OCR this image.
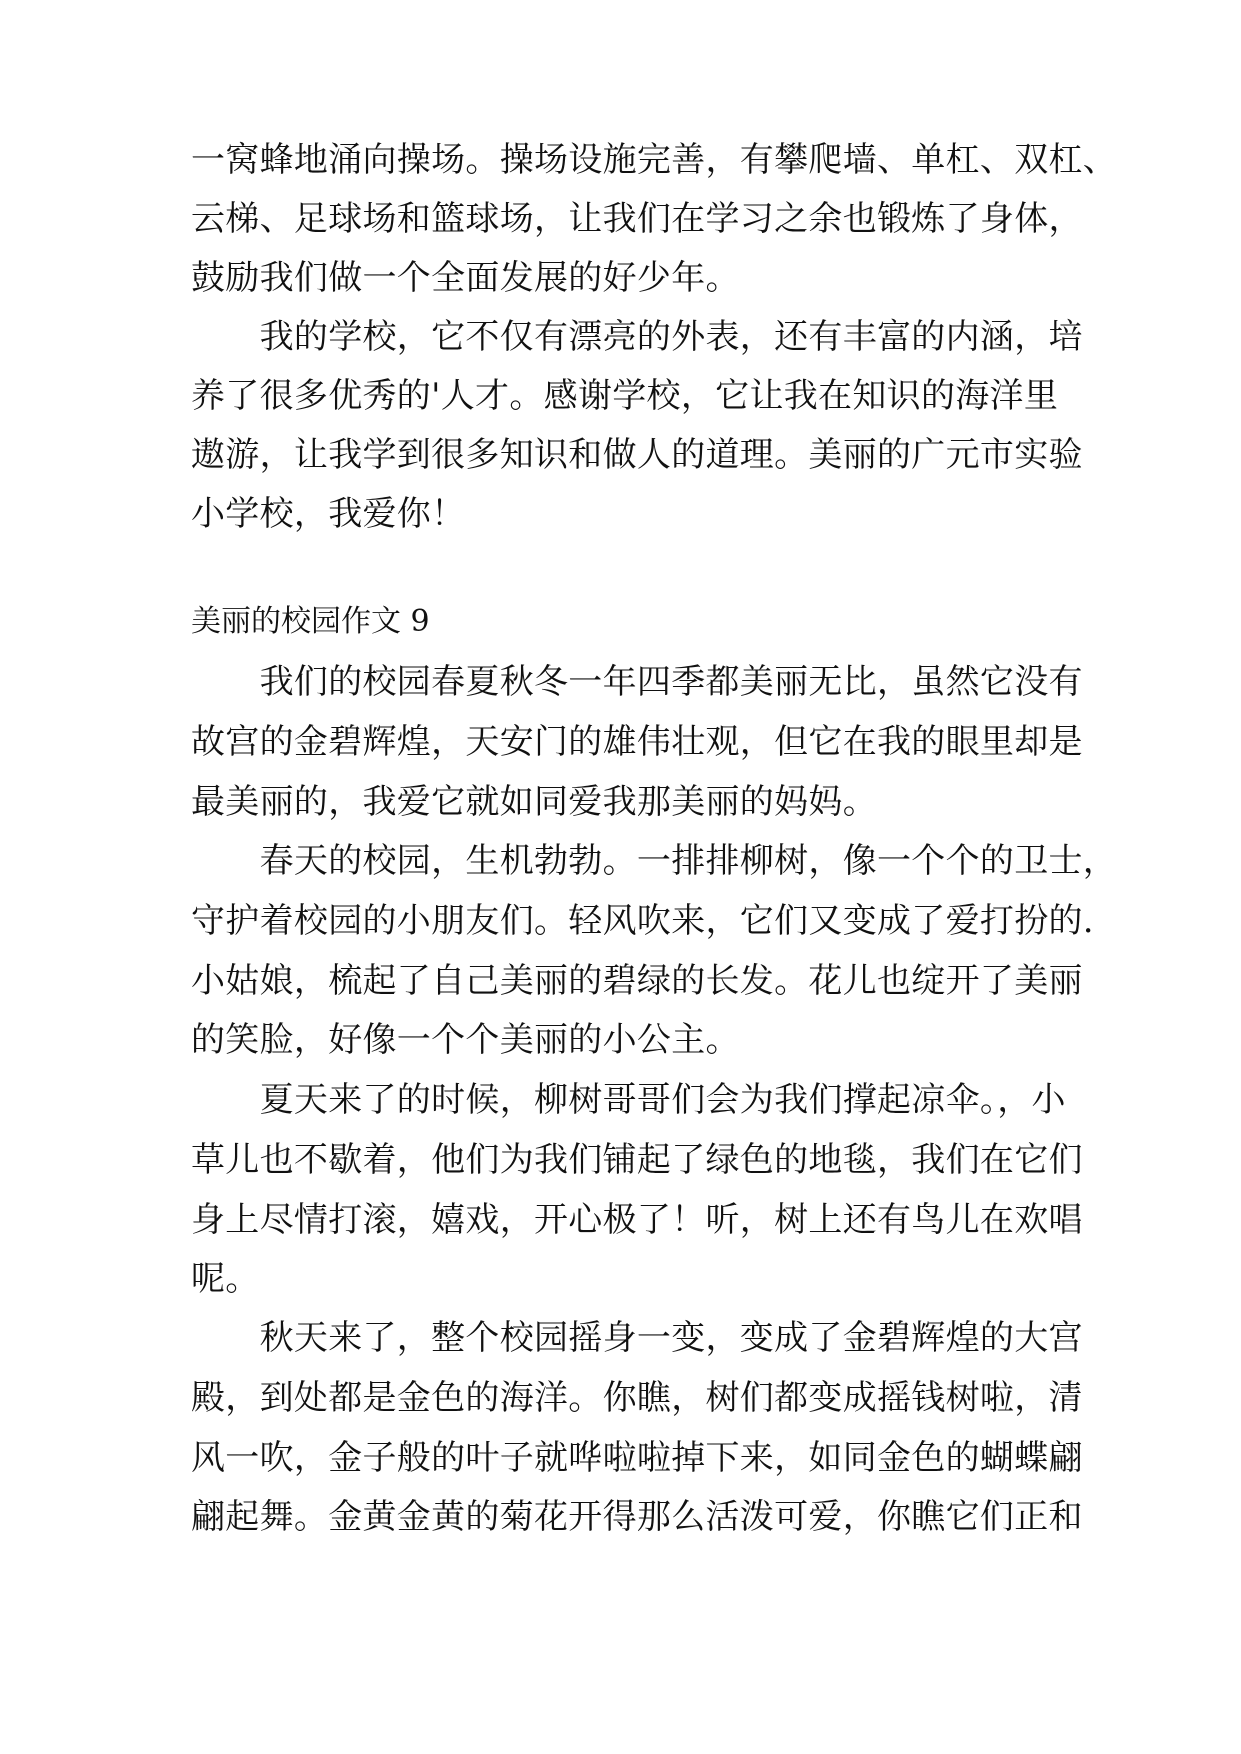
一窝蜂地涌向操场。操场设施完善，有攀爬墙、单杠、双杠、
云梯、足球场和篮球场，让我们在学习之余也锻炼了身体，
鼓励我们做一个全面发展的好少年。
　　我的学校，它不仅有漂亮的外表，还有丰富的内涵，培
养了很多优秀的'人才。感谢学校，它让我在知识的海洋里
遨游，让我学到很多知识和做人的道理。美丽的广元市实验
小学校，我爱你！
美丽的校园作文 9
　　我们的校园春夏秋冬一年四季都美丽无比，虽然它没有
故宫的金碧辉煌，天安门的雄伟壮观，但它在我的眼里却是
最美丽的，我爱它就如同爱我那美丽的妈妈。
　　春天的校园，生机勃勃。一排排柳树，像一个个的卫士，
守护着校园的小朋友们。轻风吹来，它们又变成了爱打扮的.
小姑娘，梳起了自己美丽的碧绿的长发。花儿也绽开了美丽
的笑脸，好像一个个美丽的小公主。
　　夏天来了的时候，柳树哥哥们会为我们撑起凉伞。，小
草儿也不歇着，他们为我们铺起了绿色的地毯，我们在它们
身上尽情打滚，嬉戏，开心极了！听，树上还有鸟儿在欢唱
呢。
　　秋天来了，整个校园摇身一变，变成了金碧辉煌的大宫
殿，到处都是金色的海洋。你瞧，树们都变成摇钱树啦，清
风一吹，金子般的叶子就哗啦啦掉下来，如同金色的蝴蝶翩
翩起舞。金黄金黄的菊花开得那么活泼可爱，你瞧它们正和
